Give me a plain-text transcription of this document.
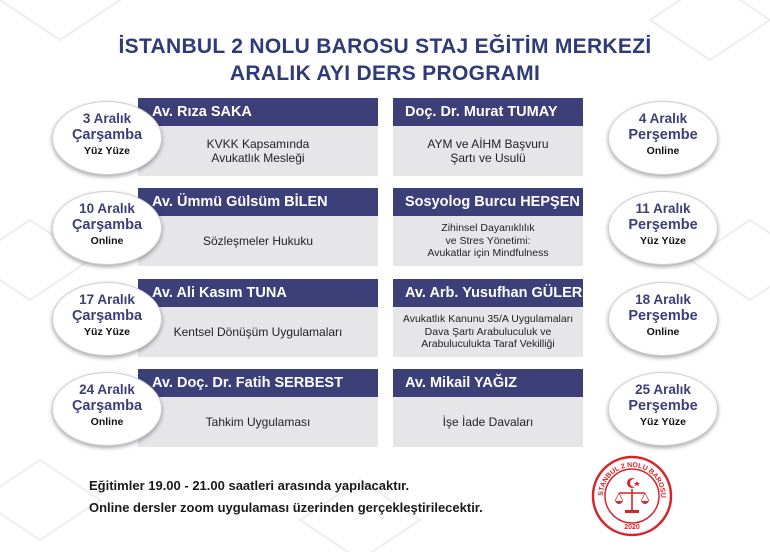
İSTANBUL 2 NOLU BAROSU STAJ EĞİTİM MERKEZİ
ARALIK AYI DERS PROGRAMI
Av. Rıza SAKA
KVKK Kapsamında
Avukatlık Mesleği
3 Aralık
Çarşamba
Yüz Yüze
Doç. Dr. Murat TUMAY
AYM ve AİHM Başvuru
Şartı ve Usulü
4 Aralık
Perşembe
Online
Av. Ümmü Gülsüm BİLEN
Sözleşmeler Hukuku
10 Aralık
Çarşamba
Online
Sosyolog Burcu HEPŞEN
Zihinsel Dayanıklılık
ve Stres Yönetimi:
Avukatlar için Mindfulness
11 Aralık
Perşembe
Yüz Yüze
Av. Ali Kasım TUNA
Kentsel Dönüşüm Uygulamaları
17 Aralık
Çarşamba
Yüz Yüze
Av. Arb. Yusufhan GÜLER
Avukatlık Kanunu 35/A Uygulamaları
Dava Şartı Arabuluculuk ve
Arabuluculukta Taraf Vekilliği
18 Aralık
Perşembe
Online
Av. Doç. Dr. Fatih SERBEST
Tahkim Uygulaması
24 Aralık
Çarşamba
Online
Av. Mikail YAĞIZ
İşe İade Davaları
25 Aralık
Perşembe
Yüz Yüze
Eğitimler 19.00 - 21.00 saatleri arasında yapılacaktır.
Online dersler zoom uygulaması üzerinden gerçekleştirilecektir.
STANBUL 2 NOLU BAROSU
2020
